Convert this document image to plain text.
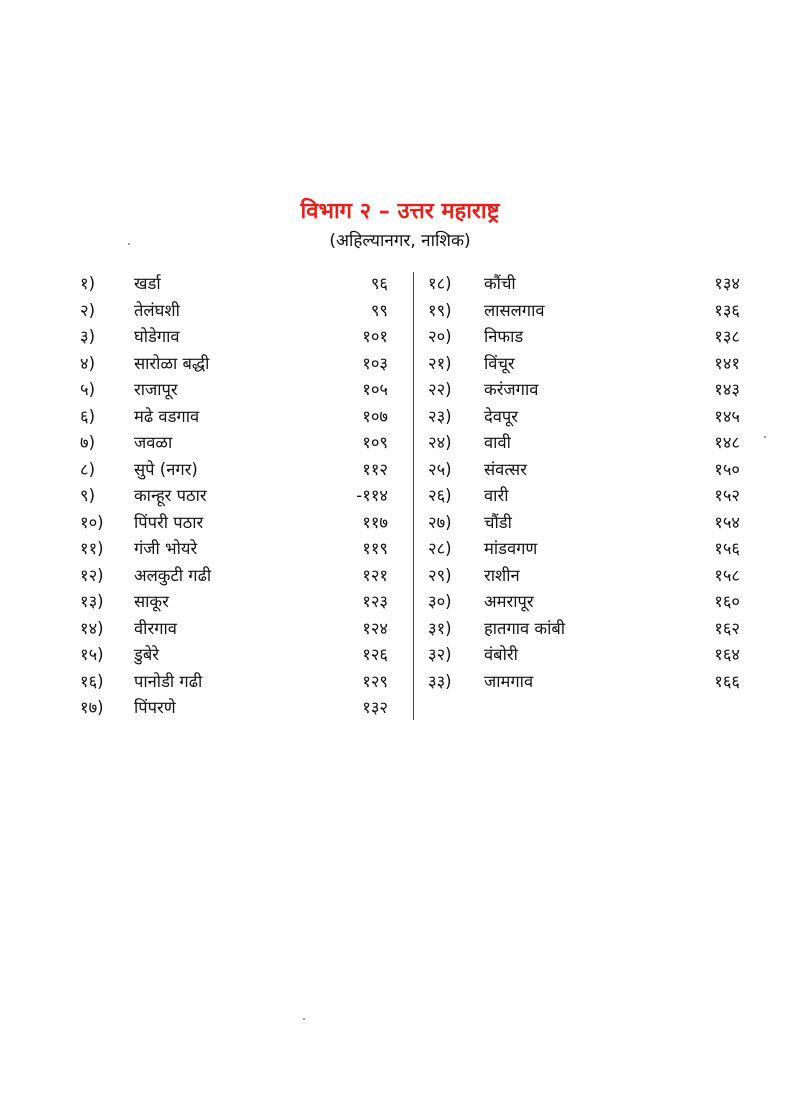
विभाग २ – उत्तर महाराष्ट्र
(अहिल्यानगर, नाशिक)
१) खर्डा	९६
२) तेलंघशी	९९
३) घोडेगाव	१०१
४) सारोळा बद्धी	१०३
५) राजापूर	१०५
६) मढे वडगाव	१०७
७) जवळा	१०९
८) सुपे (नगर)	११२
९) कान्हूर पठार	-११४
१०) पिंपरी पठार	११७
११) गंजी भोयरे	११९
१२) अलकुटी गढी	१२१
१३) साकूर	१२३
१४) वीरगाव	१२४
१५) डुबेरे	१२६
१६) पानोडी गढी	१२९
१७) पिंपरणे	१३२
१८) कौंची	१३४
१९) लासलगाव	१३६
२०) निफाड	१३८
२१) विंचूर	१४१
२२) करंजगाव	१४३
२३) देवपूर	१४५
२४) वावी	१४८
२५) संवत्सर	१५०
२६) वारी	१५२
२७) चौंडी	१५४
२८) मांडवगण	१५६
२९) राशीन	१५८
३०) अमरापूर	१६०
३१) हातगाव कांबी	१६२
३२) वंबोरी	१६४
३३) जामगाव	१६६
